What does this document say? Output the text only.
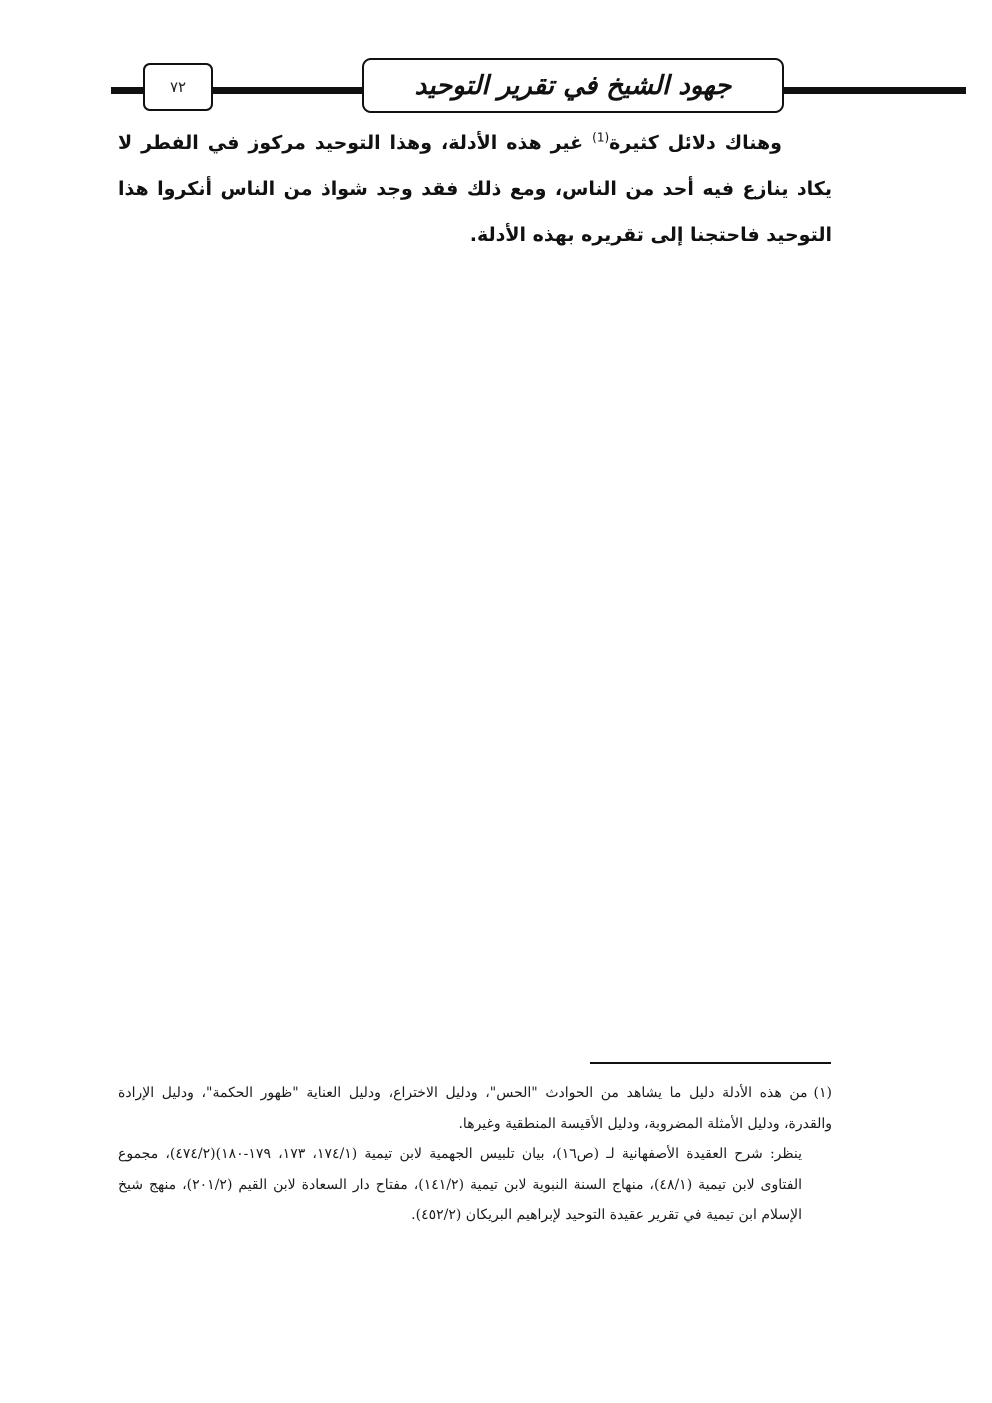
٧٢	جهود الشيخ في تقرير التوحيد

وهناك دلائل كثيرة$^{(1)}$ غير هذه الأدلة، وهذا التوحيد مركوز في الفطر لا يكاد ينازع فيه أحد من الناس، ومع ذلك فقد وجد شواذ من الناس أنكروا هذا التوحيد فاحتجنا إلى تقريره بهذه الأدلة.

(١)من هذه الأدلة دليل ما يشاهد من الحوادث "الحس"، ودليل الاختراع، ودليل العناية "ظهور الحكمة"، ودليل الإرادة والقدرة، ودليل الأمثلة المضروبة، ودليل الأقيسة المنطقية وغيرها.

ينظر: شرح العقيدة الأصفهانية لـ (ص١٦)، بيان تلبيس الجهمية لابن تيمية (١٧٤/١، ١٧٣، ١٧٩-١٨٠)(٤٧٤/٢)، مجموع الفتاوى لابن تيمية (٤٨/١)، منهاج السنة النبوية لابن تيمية (١٤١/٢)، مفتاح دار السعادة لابن القيم (٢٠١/٢)، منهج شيخ الإسلام ابن تيمية في تقرير عقيدة التوحيد لإبراهيم البريكان (٤٥٢/٢).
